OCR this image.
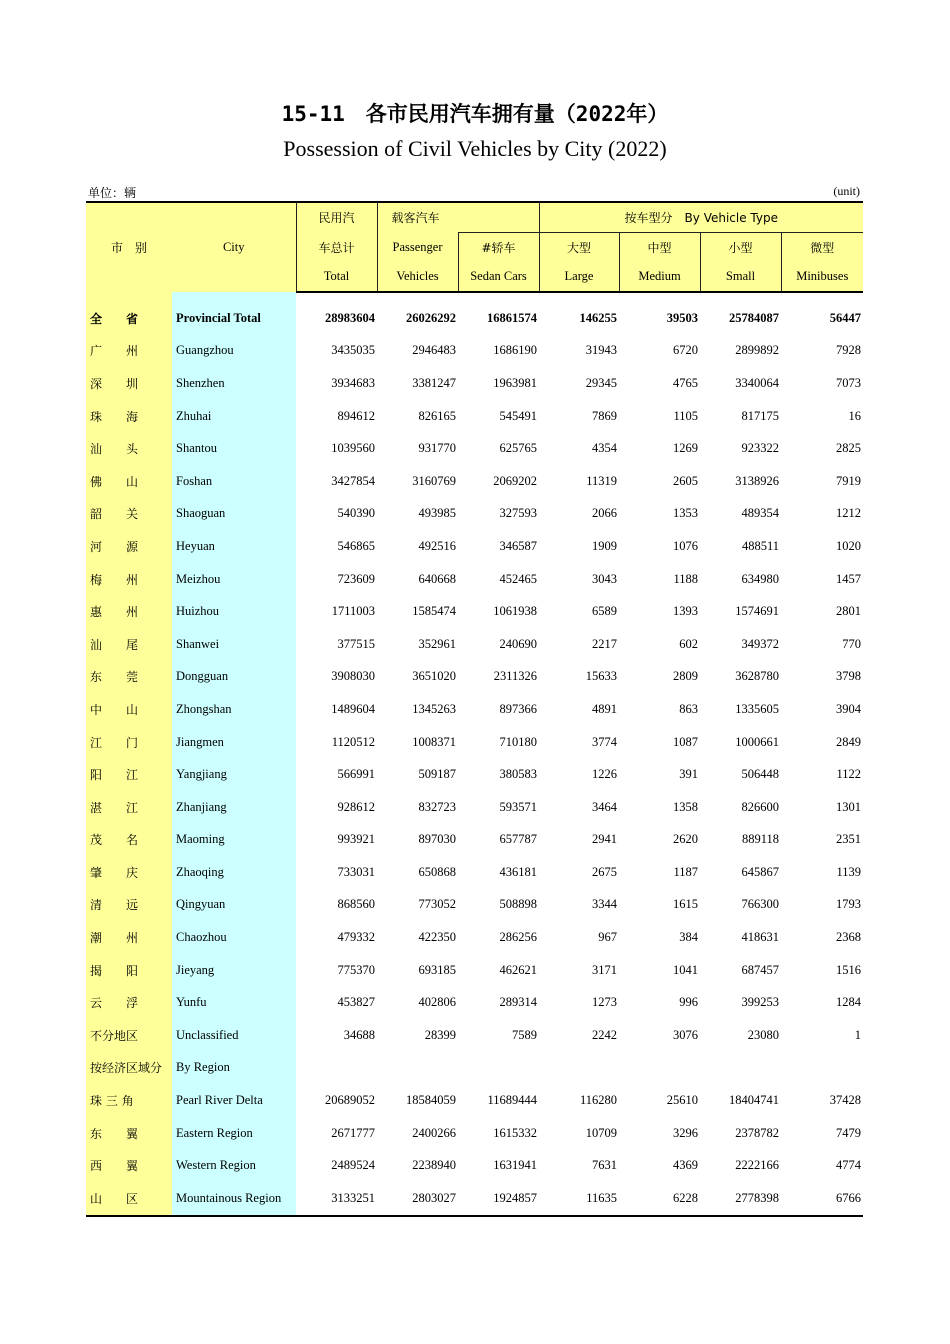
15-11　各市民用汽车拥有量（2022年）
Possession of Civil Vehicles by City (2022)
单位：辆	(unit)
市　别	City	民用汽	载客汽车		按车型分　By Vehicle Type			
		车总计	Passenger	#轿车	大型	中型	小型	微型
		Total	Vehicles	Sedan Cars	Large	Medium	Small	Minibuses

全　　省	Provincial Total	28983604	26026292	16861574	146255	39503	25784087	56447
广　　州	Guangzhou	3435035	2946483	1686190	31943	6720	2899892	7928
深　　圳	Shenzhen	3934683	3381247	1963981	29345	4765	3340064	7073
珠　　海	Zhuhai	894612	826165	545491	7869	1105	817175	16
汕　　头	Shantou	1039560	931770	625765	4354	1269	923322	2825
佛　　山	Foshan	3427854	3160769	2069202	11319	2605	3138926	7919
韶　　关	Shaoguan	540390	493985	327593	2066	1353	489354	1212
河　　源	Heyuan	546865	492516	346587	1909	1076	488511	1020
梅　　州	Meizhou	723609	640668	452465	3043	1188	634980	1457
惠　　州	Huizhou	1711003	1585474	1061938	6589	1393	1574691	2801
汕　　尾	Shanwei	377515	352961	240690	2217	602	349372	770
东　　莞	Dongguan	3908030	3651020	2311326	15633	2809	3628780	3798
中　　山	Zhongshan	1489604	1345263	897366	4891	863	1335605	3904
江　　门	Jiangmen	1120512	1008371	710180	3774	1087	1000661	2849
阳　　江	Yangjiang	566991	509187	380583	1226	391	506448	1122
湛　　江	Zhanjiang	928612	832723	593571	3464	1358	826600	1301
茂　　名	Maoming	993921	897030	657787	2941	2620	889118	2351
肇　　庆	Zhaoqing	733031	650868	436181	2675	1187	645867	1139
清　　远	Qingyuan	868560	773052	508898	3344	1615	766300	1793
潮　　州	Chaozhou	479332	422350	286256	967	384	418631	2368
揭　　阳	Jieyang	775370	693185	462621	3171	1041	687457	1516
云　　浮	Yunfu	453827	402806	289314	1273	996	399253	1284
不分地区	Unclassified	34688	28399	7589	2242	3076	23080	1
按经济区域分	By Region							
珠 三 角	Pearl River Delta	20689052	18584059	11689444	116280	25610	18404741	37428
东　　翼	Eastern Region	2671777	2400266	1615332	10709	3296	2378782	7479
西　　翼	Western Region	2489524	2238940	1631941	7631	4369	2222166	4774
山　　区	Mountainous Region	3133251	2803027	1924857	11635	6228	2778398	6766
